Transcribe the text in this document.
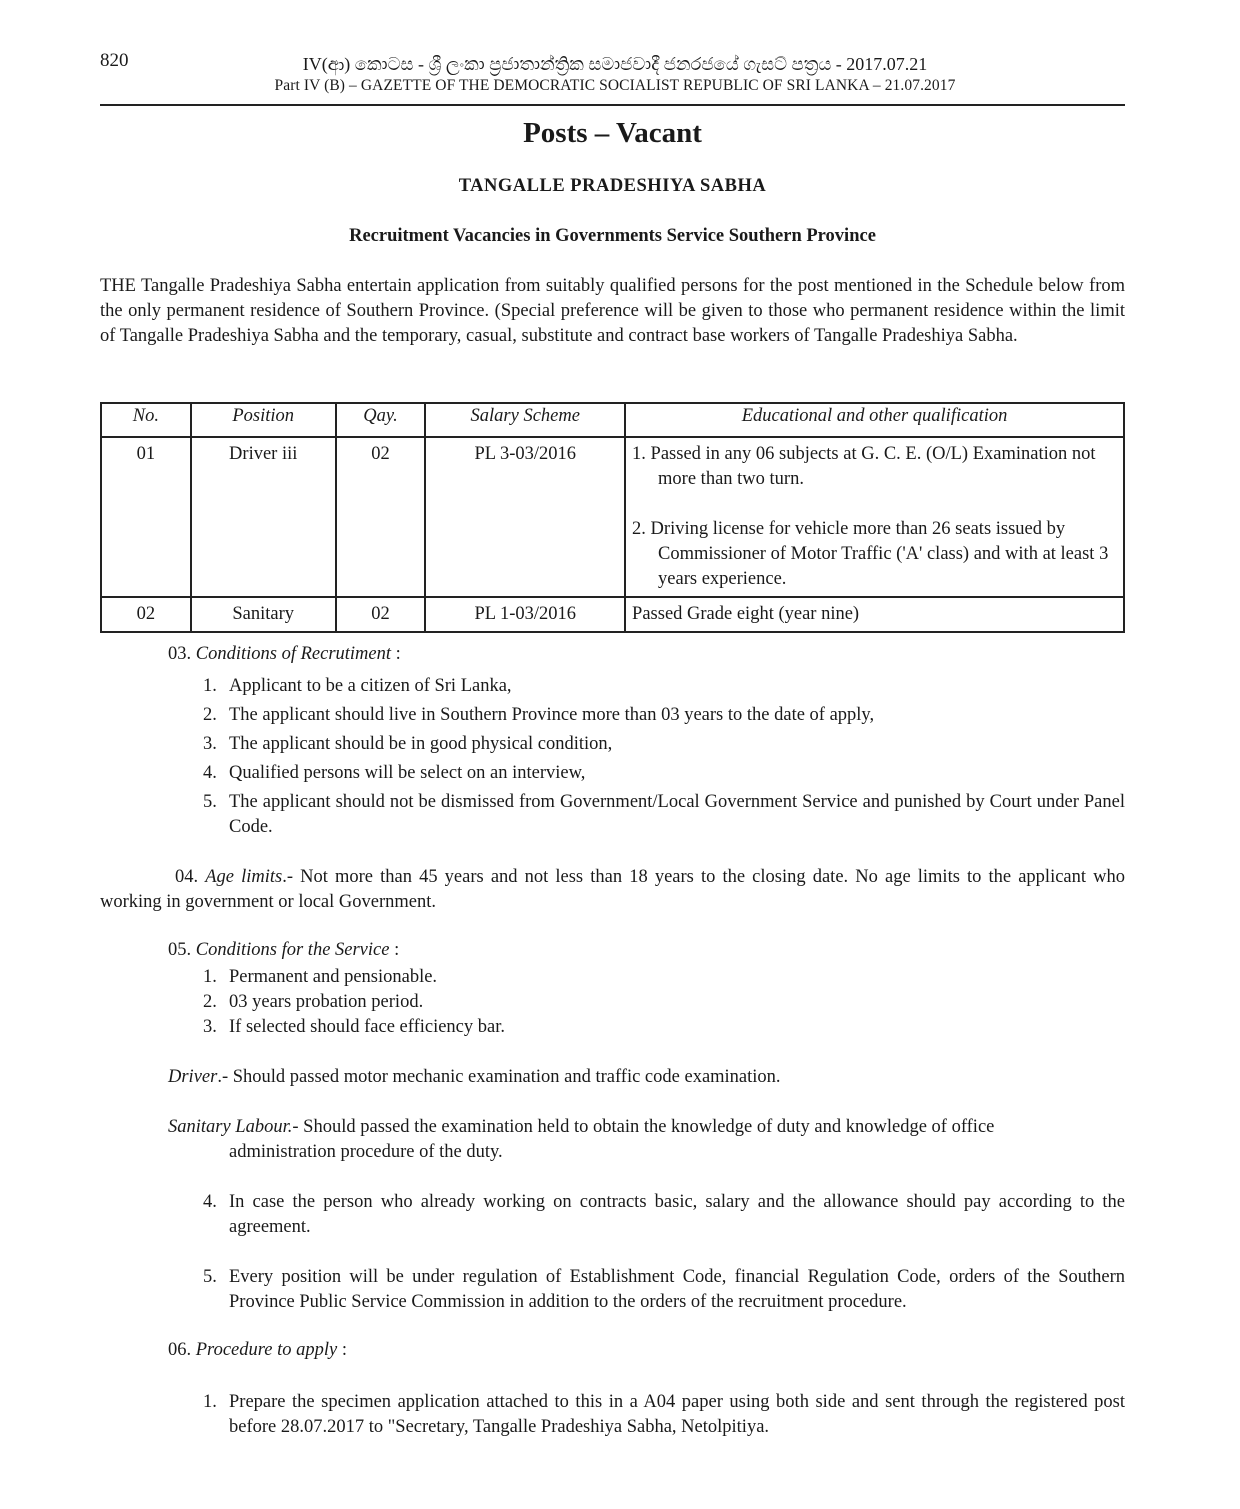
820	IV(ආ) කොටස - ශ්‍රී ලංකා ප්‍රජාතාන්ත්‍රික සමාජවාදී ජනරජයේ ගැසට් පත්‍රය - 2017.07.21
Part IV (B) – GAZETTE OF THE DEMOCRATIC SOCIALIST REPUBLIC OF SRI LANKA – 21.07.2017
Posts – Vacant
TANGALLE PRADESHIYA SABHA
Recruitment Vacancies in Governments Service Southern Province
THE Tangalle Pradeshiya Sabha entertain application from suitably qualified persons for the post mentioned in the Schedule below from the only permanent residence of Southern Province. (Special preference will be given to those who permanent residence within the limit of Tangalle Pradeshiya Sabha and the temporary, casual, substitute and contract base workers of Tangalle Pradeshiya Sabha.
No.	Position	Qay.	Salary Scheme	Educational and other qualification
01	Driver iii	02	PL 3-03/2016	1. Passed in any 06 subjects at G. C. E. (O/L) Examination not more than two turn.
2. Driving license for vehicle more than 26 seats issued by Commissioner of Motor Traffic ('A' class) and with at least 3 years experience.

02	Sanitary	02	PL 1-03/2016	Passed Grade eight (year nine)
03. Conditions of Recrutiment :
1. Applicant to be a citizen of Sri Lanka,
2. The applicant should live in Southern Province more than 03 years to the date of apply,
3. The applicant should be in good physical condition,
4. Qualified persons will be select on an interview,
5. The applicant should not be dismissed from Government/Local Government Service and punished by Court under Panel Code.
04. Age limits.- Not more than 45 years and not less than 18 years to the closing date. No age limits to the applicant who working in government or local Government.
05. Conditions for the Service :
1. Permanent and pensionable.
2. 03 years probation period.
3. If selected should face efficiency bar.
Driver.- Should passed motor mechanic examination and traffic code examination.
Sanitary Labour.- Should passed the examination held to obtain the knowledge of duty and knowledge of office
administration procedure of the duty.
4. In case the person who already working on contracts basic, salary and the allowance should pay according to the agreement.
5. Every position will be under regulation of Establishment Code, financial Regulation Code, orders of the Southern Province Public Service Commission in addition to the orders of the recruitment procedure.
06. Procedure to apply :
1. Prepare the specimen application attached to this in a A04 paper using both side and sent through the registered post before 28.07.2017 to "Secretary, Tangalle Pradeshiya Sabha, Netolpitiya.
